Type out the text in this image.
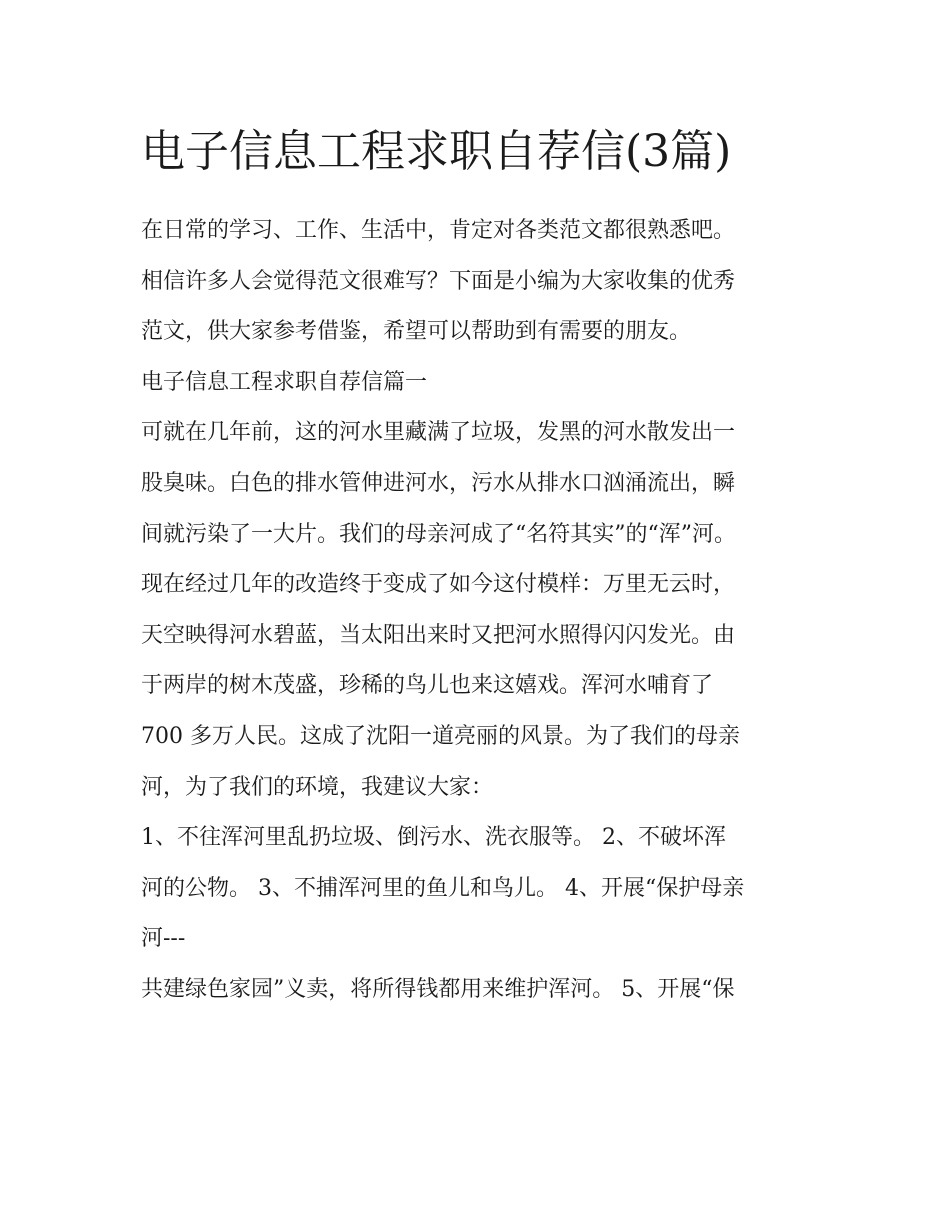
电子信息工程求职自荐信(3篇)

在日常的学习、工作、生活中，肯定对各类范文都很熟悉吧。

相信许多人会觉得范文很难写？下面是小编为大家收集的优秀

范文，供大家参考借鉴，希望可以帮助到有需要的朋友。

电子信息工程求职自荐信篇一

可就在几年前，这的河水里藏满了垃圾，发黑的河水散发出一

股臭味。白色的排水管伸进河水，污水从排水口汹涌流出，瞬

间就污染了一大片。我们的母亲河成了“名符其实”的“浑”河。

现在经过几年的改造终于变成了如今这付模样：万里无云时，

天空映得河水碧蓝，当太阳出来时又把河水照得闪闪发光。由

于两岸的树木茂盛，珍稀的鸟儿也来这嬉戏。浑河水哺育了

700 多万人民。这成了沈阳一道亮丽的风景。为了我们的母亲

河，为了我们的环境，我建议大家：

1、不往浑河里乱扔垃圾、倒污水、洗衣服等。 2、不破坏浑

河的公物。 3、不捕浑河里的鱼儿和鸟儿。 4、开展“保护母亲

河---

共建绿色家园”义卖，将所得钱都用来维护浑河。 5、开展“保
